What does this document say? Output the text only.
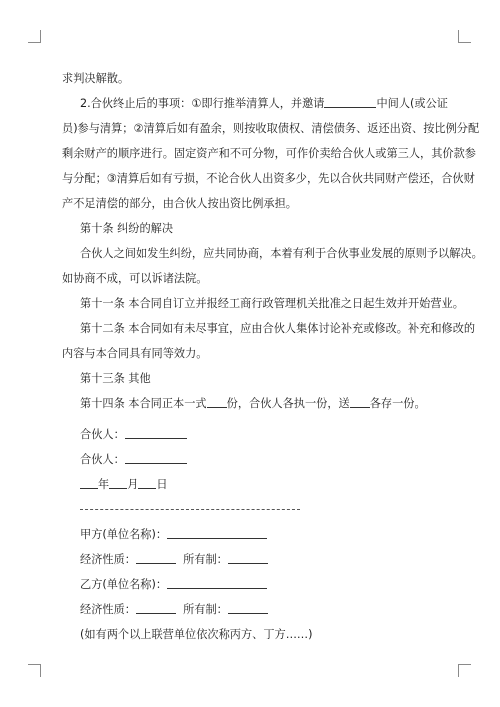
求判决解散。

2.合伙终止后的事项：①即行推举清算人，并邀请	中间人(或公证

员)参与清算；②清算后如有盈余，则按收取债权、清偿债务、返还出资、按比例分配

剩余财产的顺序进行。固定资产和不可分物，可作价卖给合伙人或第三人，其价款参

与分配；③清算后如有亏损，不论合伙人出资多少，先以合伙共同财产偿还，合伙财

产不足清偿的部分，由合伙人按出资比例承担。

第十条 纠纷的解决

合伙人之间如发生纠纷，应共同协商，本着有利于合伙事业发展的原则予以解决。

如协商不成，可以诉诸法院。

第十一条 本合同自订立并报经工商行政管理机关批准之日起生效并开始营业。

第十二条 本合同如有未尽事宜，应由合伙人集体讨论补充或修改。补充和修改的

内容与本合同具有同等效力。

第十三条 其他

第十四条 本合同正本一式 份，合伙人各执一份，送 各存一份。

合伙人：

合伙人：

年 月 日

甲方(单位名称)：

经济性质：	所有制：

乙方(单位名称)：

经济性质：	所有制：

(如有两个以上联营单位依次称丙方、丁方……)
